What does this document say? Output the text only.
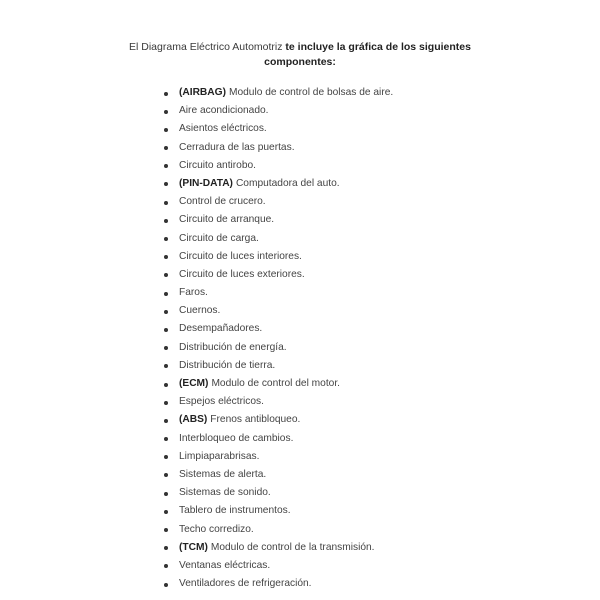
El Diagrama Eléctrico Automotriz te incluye la gráfica de los siguientes
componentes:
(AIRBAG) Modulo de control de bolsas de aire.
Aire acondicionado.
Asientos eléctricos.
Cerradura de las puertas.
Circuito antirobo.
(PIN-DATA) Computadora del auto.
Control de crucero.
Circuito de arranque.
Circuito de carga.
Circuito de luces interiores.
Circuito de luces exteriores.
Faros.
Cuernos.
Desempañadores.
Distribución de energía.
Distribución de tierra.
(ECM) Modulo de control del motor.
Espejos eléctricos.
(ABS) Frenos antibloqueo.
Interbloqueo de cambios.
Limpiaparabrisas.
Sistemas de alerta.
Sistemas de sonido.
Tablero de instrumentos.
Techo corredizo.
(TCM) Modulo de control de la transmisión.
Ventanas eléctricas.
Ventiladores de refrigeración.
